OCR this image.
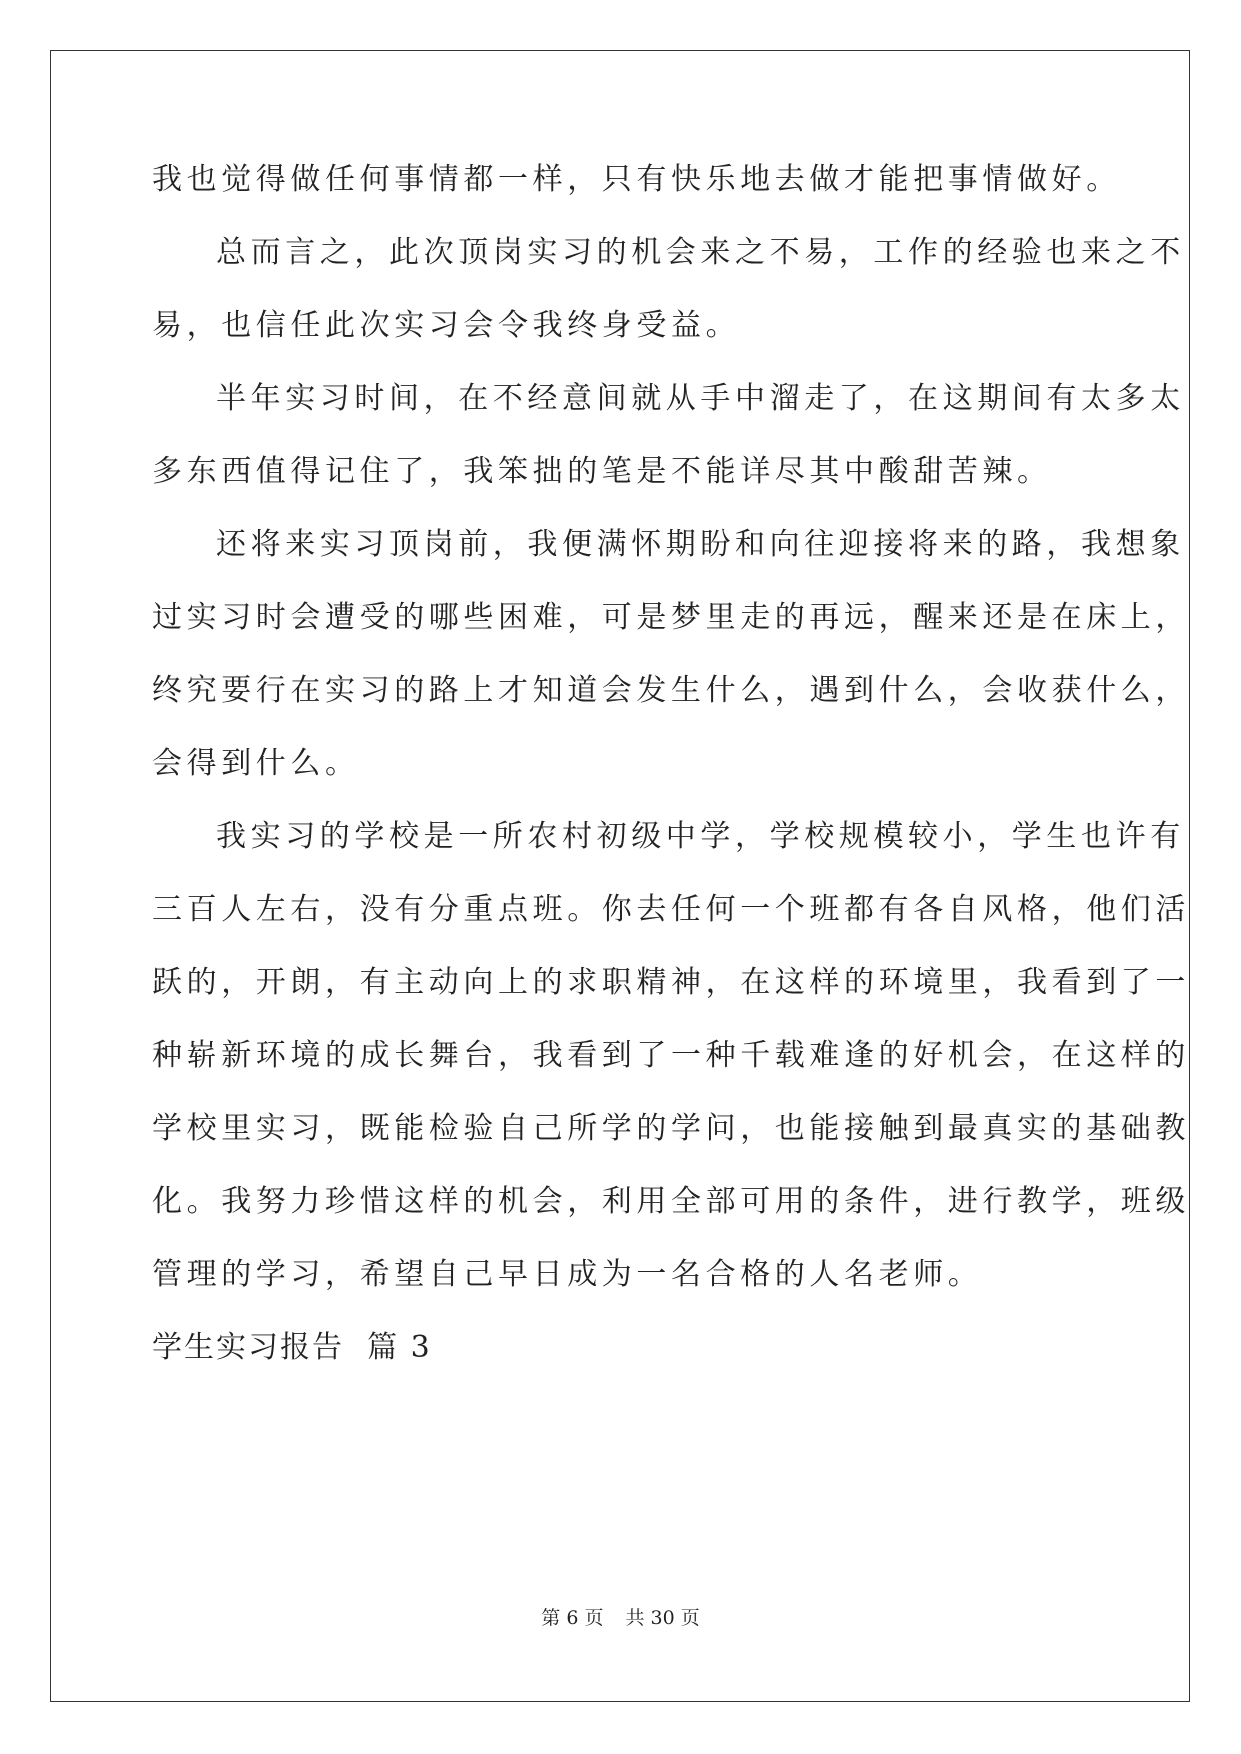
我也觉得做任何事情都一样，只有快乐地去做才能把事情做好。
总而言之，此次顶岗实习的机会来之不易，工作的经验也来之不
易，也信任此次实习会令我终身受益。
半年实习时间，在不经意间就从手中溜走了，在这期间有太多太
多东西值得记住了，我笨拙的笔是不能详尽其中酸甜苦辣。
还将来实习顶岗前，我便满怀期盼和向往迎接将来的路，我想象
过实习时会遭受的哪些困难，可是梦里走的再远，醒来还是在床上，
终究要行在实习的路上才知道会发生什么，遇到什么，会收获什么，
会得到什么。
我实习的学校是一所农村初级中学，学校规模较小，学生也许有
三百人左右，没有分重点班。你去任何一个班都有各自风格，他们活
跃的，开朗，有主动向上的求职精神，在这样的环境里，我看到了一
种崭新环境的成长舞台，我看到了一种千载难逢的好机会，在这样的
学校里实习，既能检验自己所学的学问，也能接触到最真实的基础教
化。我努力珍惜这样的机会，利用全部可用的条件，进行教学，班级
管理的学习，希望自己早日成为一名合格的人名老师。
学生实习报告  篇 3
第 6 页 共 30 页
